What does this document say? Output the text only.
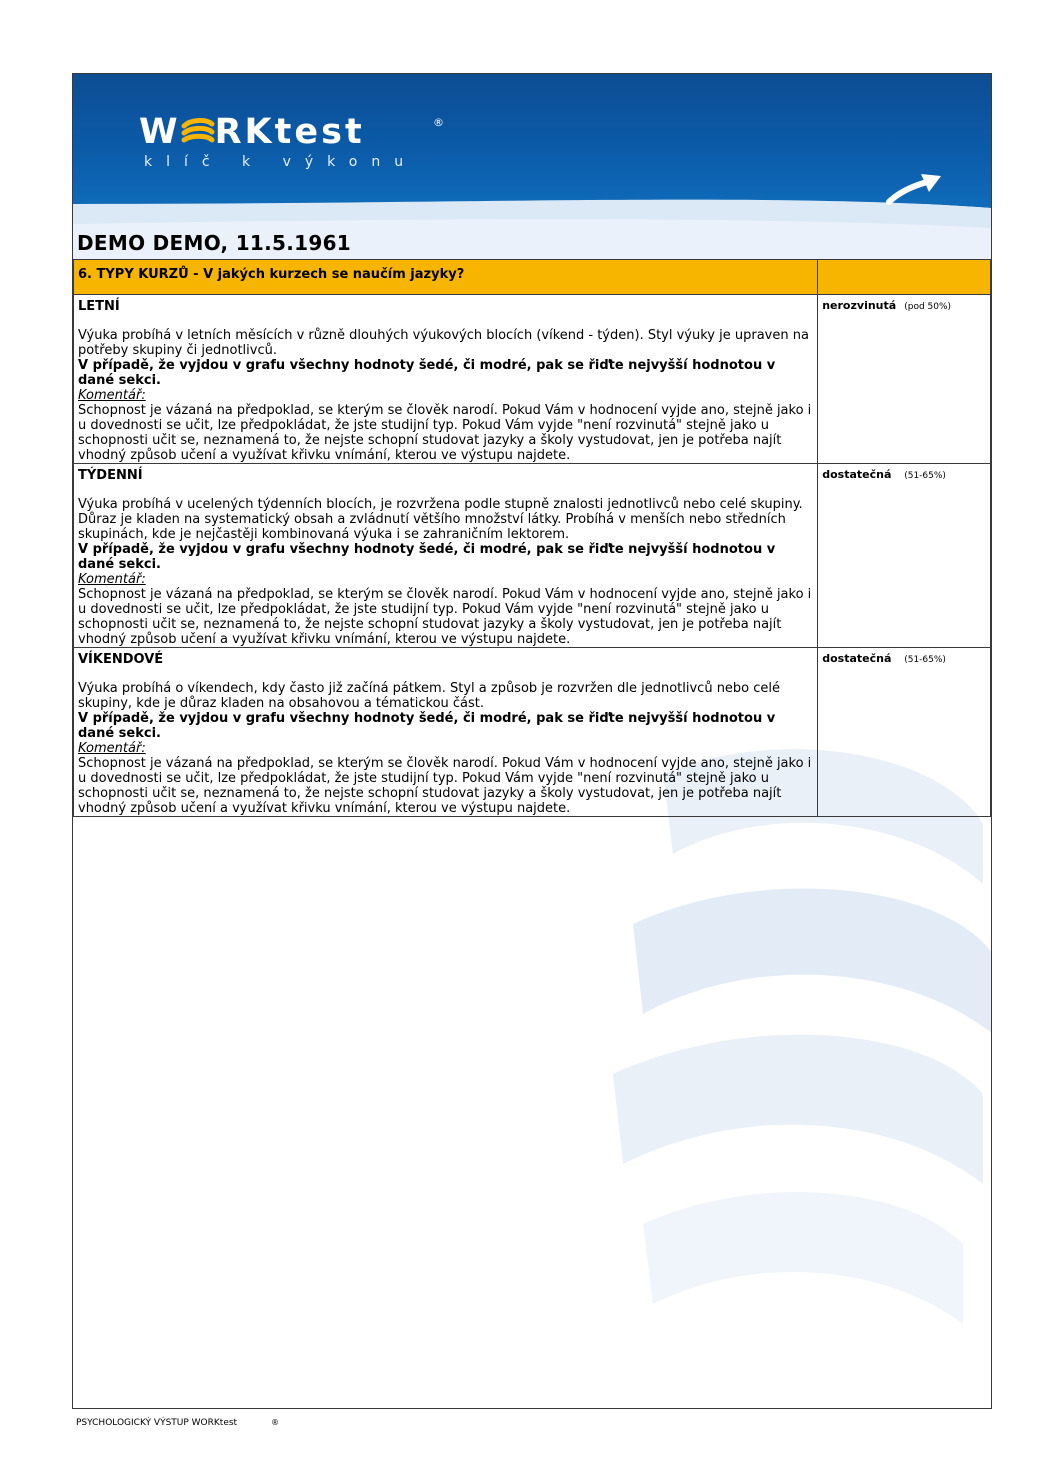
W RKtest	®
klíč k výkonu
DEMO DEMO, 11.5.1961
6. TYPY KURZŮ - V jakých kurzech se naučím jazyky?	

LETNÍ

Výuka probíhá v letních měsících v různě dlouhých výukových blocích (víkend - týden). Styl výuky je upraven na potřeby skupiny či jednotlivců.

V případě, že vyjdou v grafu všechny hodnoty šedé, či modré, pak se řiďte nejvyšší hodnotou v dané sekci.

Komentář:

Schopnost je vázaná na předpoklad, se kterým se člověk narodí. Pokud Vám v hodnocení vyjde ano, stejně jako i u dovednosti se učit, lze předpokládat, že jste studijní typ. Pokud Vám vyjde "není rozvinutá" stejně jako u schopnosti učit se, neznamená to, že nejste schopní studovat jazyky a školy vystudovat, jen je potřeba najít vhodný způsob učení a využívat křivku vnímání, kterou ve výstupu najdete.	nerozvinutá (pod 50%)

TÝDENNÍ

Výuka probíhá v ucelených týdenních blocích, je rozvržena podle stupně znalosti jednotlivců nebo celé skupiny. Důraz je kladen na systematický obsah a zvládnutí většího množství látky. Probíhá v menších nebo středních skupinách, kde je nejčastěji kombinovaná výuka i se zahraničním lektorem.

V případě, že vyjdou v grafu všechny hodnoty šedé, či modré, pak se řiďte nejvyšší hodnotou v dané sekci.

Komentář:

Schopnost je vázaná na předpoklad, se kterým se člověk narodí. Pokud Vám v hodnocení vyjde ano, stejně jako i u dovednosti se učit, lze předpokládat, že jste studijní typ. Pokud Vám vyjde "není rozvinutá" stejně jako u schopnosti učit se, neznamená to, že nejste schopní studovat jazyky a školy vystudovat, jen je potřeba najít vhodný způsob učení a využívat křivku vnímání, kterou ve výstupu najdete.	dostatečná (51-65%)

VÍKENDOVÉ

Výuka probíhá o víkendech, kdy často již začíná pátkem. Styl a způsob je rozvržen dle jednotlivců nebo celé skupiny, kde je důraz kladen na obsahovou a tématickou část.

V případě, že vyjdou v grafu všechny hodnoty šedé, či modré, pak se řiďte nejvyšší hodnotou v dané sekci.

Komentář:

Schopnost je vázaná na předpoklad, se kterým se člověk narodí. Pokud Vám v hodnocení vyjde ano, stejně jako i u dovednosti se učit, lze předpokládat, že jste studijní typ. Pokud Vám vyjde "není rozvinutá" stejně jako u schopnosti učit se, neznamená to, že nejste schopní studovat jazyky a školy vystudovat, jen je potřeba najít vhodný způsob učení a využívat křivku vnímání, kterou ve výstupu najdete.	dostatečná (51-65%)
PSYCHOLOGICKÝ VÝSTUP WORKtest	®
